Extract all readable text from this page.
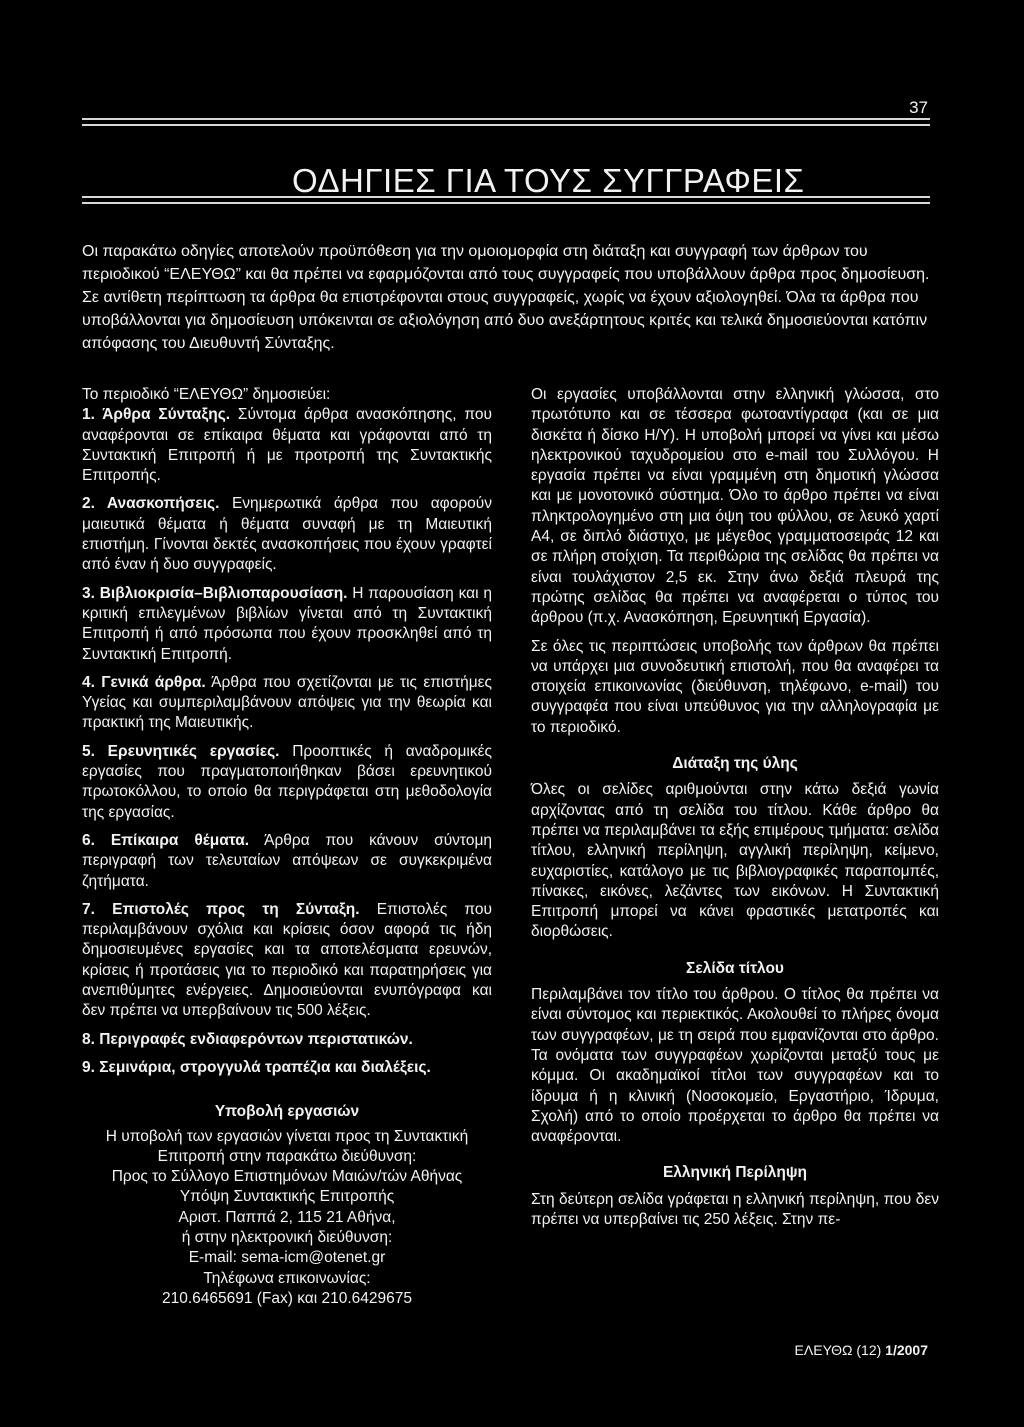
37
ΟΔΗΓΙΕΣ ΓΙΑ ΤΟΥΣ ΣΥΓΓΡΑΦΕΙΣ

Οι παρακάτω οδηγίες αποτελούν προϋπόθεση για την ομοιομορφία στη διάταξη και συγγραφή των άρθρων του περιοδικού “ΕΛΕΥΘΩ” και θα πρέπει να εφαρμόζονται από τους συγγραφείς που υποβάλλουν άρθρα προς δημοσίευση. Σε αντίθετη περίπτωση τα άρθρα θα επιστρέφονται στους συγγραφείς, χωρίς να έχουν αξιολογηθεί. Όλα τα άρθρα που υποβάλλονται για δημοσίευση υπόκεινται σε αξιολόγηση από δυο ανεξάρτητους κριτές και τελικά δημοσιεύονται κατόπιν απόφασης του Διευθυντή Σύνταξης.

Το περιοδικό “ΕΛΕΥΘΩ” δημοσιεύει:

1. Άρθρα Σύνταξης. Σύντομα άρθρα ανασκόπησης, που αναφέρονται σε επίκαιρα θέματα και γράφονται από τη Συντακτική Επιτροπή ή με προτροπή της Συντακτικής Επιτροπής.

2. Ανασκοπήσεις. Ενημερωτικά άρθρα που αφορούν μαιευτικά θέματα ή θέματα συναφή με τη Μαιευτική επιστήμη. Γίνονται δεκτές ανασκοπήσεις που έχουν γραφτεί από έναν ή δυο συγγραφείς.

3. Βιβλιοκρισία–Βιβλιοπαρουσίαση. Η παρουσίαση και η κριτική επιλεγμένων βιβλίων γίνεται από τη Συντακτική Επιτροπή ή από πρόσωπα που έχουν προσκληθεί από τη Συντακτική Επιτροπή.

4. Γενικά άρθρα. Άρθρα που σχετίζονται με τις επιστήμες Υγείας και συμπεριλαμβάνουν απόψεις για την θεωρία και πρακτική της Μαιευτικής.

5. Ερευνητικές εργασίες. Προοπτικές ή αναδρομικές εργασίες που πραγματοποιήθηκαν βάσει ερευνητικού πρωτοκόλλου, το οποίο θα περιγράφεται στη μεθοδολογία της εργασίας.

6. Επίκαιρα θέματα. Άρθρα που κάνουν σύντομη περιγραφή των τελευταίων απόψεων σε συγκεκριμένα ζητήματα.

7. Επιστολές προς τη Σύνταξη. Επιστολές που περιλαμβάνουν σχόλια και κρίσεις όσον αφορά τις ήδη δημοσιευμένες εργασίες και τα αποτελέσματα ερευνών, κρίσεις ή προτάσεις για το περιοδικό και παρατηρήσεις για ανεπιθύμητες ενέργειες. Δημοσιεύονται ενυπόγραφα και δεν πρέπει να υπερβαίνουν τις 500 λέξεις.

8. Περιγραφές ενδιαφερόντων περιστατικών.

9. Σεμινάρια, στρογγυλά τραπέζια και διαλέξεις.

Υποβολή εργασιών

Η υποβολή των εργασιών γίνεται προς τη Συντακτική

Επιτροπή στην παρακάτω διεύθυνση:

Προς το Σύλλογο Επιστημόνων Μαιών/τών Αθήνας

Υπόψη Συντακτικής Επιτροπής

Αριστ. Παππά 2, 115 21 Αθήνα,

ή στην ηλεκτρονική διεύθυνση:

E-mail: sema-icm@otenet.gr

Τηλέφωνα επικοινωνίας:

210.6465691 (Fax) και 210.6429675

Οι εργασίες υποβάλλονται στην ελληνική γλώσσα, στο πρωτότυπο και σε τέσσερα φωτοαντίγραφα (και σε μια δισκέτα ή δίσκο Η/Υ). Η υποβολή μπορεί να γίνει και μέσω ηλεκτρονικού ταχυδρομείου στο e-mail του Συλλόγου. Η εργασία πρέπει να είναι γραμμένη στη δημοτική γλώσσα και με μονοτονικό σύστημα. Όλο το άρθρο πρέπει να είναι πληκτρολογημένο στη μια όψη του φύλλου, σε λευκό χαρτί Α4, σε διπλό διάστιχο, με μέγεθος γραμματοσειράς 12 και σε πλήρη στοίχιση. Τα περιθώρια της σελίδας θα πρέπει να είναι τουλάχιστον 2,5 εκ. Στην άνω δεξιά πλευρά της πρώτης σελίδας θα πρέπει να αναφέρεται ο τύπος του άρθρου (π.χ. Ανασκόπηση, Ερευνητική Εργασία).

Σε όλες τις περιπτώσεις υποβολής των άρθρων θα πρέπει να υπάρχει μια συνοδευτική επιστολή, που θα αναφέρει τα στοιχεία επικοινωνίας (διεύθυνση, τηλέφωνο, e-mail) του συγγραφέα που είναι υπεύθυνος για την αλληλογραφία με το περιοδικό.

Διάταξη της ύλης

Όλες οι σελίδες αριθμούνται στην κάτω δεξιά γωνία αρχίζοντας από τη σελίδα του τίτλου. Κάθε άρθρο θα πρέπει να περιλαμβάνει τα εξής επιμέρους τμήματα: σελίδα τίτλου, ελληνική περίληψη, αγγλική περίληψη, κείμενο, ευχαριστίες, κατάλογο με τις βιβλιογραφικές παραπομπές, πίνακες, εικόνες, λεζάντες των εικόνων. Η Συντακτική Επιτροπή μπορεί να κάνει φραστικές μετατροπές και διορθώσεις.

Σελίδα τίτλου

Περιλαμβάνει τον τίτλο του άρθρου. Ο τίτλος θα πρέπει να είναι σύντομος και περιεκτικός. Ακολουθεί το πλήρες όνομα των συγγραφέων, με τη σειρά που εμφανίζονται στο άρθρο. Τα ονόματα των συγγραφέων χωρίζονται μεταξύ τους με κόμμα. Οι ακαδημαϊκοί τίτλοι των συγγραφέων και το ίδρυμα ή η κλινική (Νοσοκομείο, Εργαστήριο, Ίδρυμα, Σχολή) από το οποίο προέρχεται το άρθρο θα πρέπει να αναφέρονται.

Ελληνική Περίληψη

Στη δεύτερη σελίδα γράφεται η ελληνική περίληψη, που δεν πρέπει να υπερβαίνει τις 250 λέξεις. Στην πε-

ΕΛΕΥΘΩ (12) 1/2007
